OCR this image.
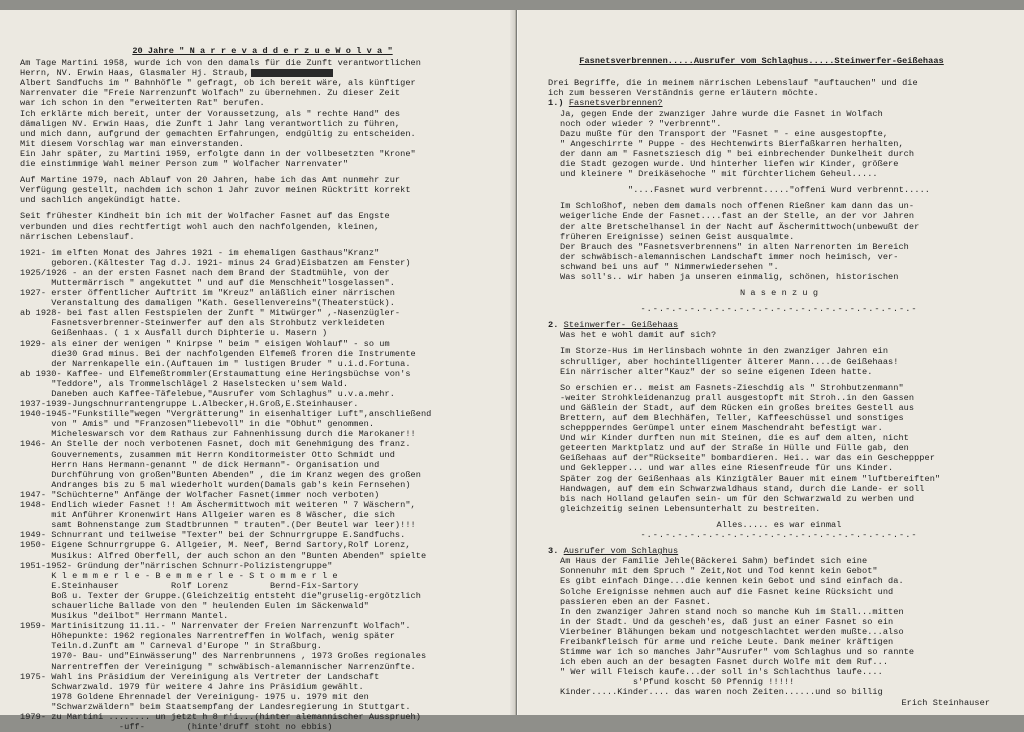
20 Jahre " N a r r e v a d d e r z u e W o l v a "
Am Tage Martini 1958, wurde ich von den damals für die Zunft verantwortlichen
Herrn, NV. Erwin Haas, Glasmaler Hj. Straub,
Albert Sandfuchs im " Bahnhöfle " gefragt, ob ich bereit wäre, als künftiger
Narrenvater die "Freie Narrenzunft Wolfach" zu übernehmen. Zu dieser Zeit
war ich schon in den "erweiterten Rat" berufen.
Ich erklärte mich bereit, unter der Voraussetzung, als " rechte Hand" des
dämaligen NV. Erwin Haas, die Zunft 1 Jahr lang verantwortlich zu führen,
und mich dann, aufgrund der gemachten Erfahrungen, endgültig zu entscheiden.
Mit diesem Vorschlag war man einverstanden.
Ein Jahr später, zu Martini 1959, erfolgte dann in der vollbesetzten "Krone"
die einstimmige Wahl meiner Person zum " Wolfacher Narrenvater"
Auf Martine 1979, nach Ablauf von 20 Jahren, habe ich das Amt nunmehr zur
Verfügung gestellt, nachdem ich schon 1 Jahr zuvor meinen Rücktritt korrekt
und sachlich angekündigt hatte.
Seit frühester Kindheit bin ich mit der Wolfacher Fasnet auf das Engste
verbunden und dies rechtfertigt wohl auch den nachfolgenden, kleinen,
närrischen Lebenslauf.
1921- im elften Monat des Jahres 1921 - im ehemaligen Gasthaus"Kranz"
geboren.(Kältester Tag d.J. 1921- minus 24 Grad)Eisbatzen am Fenster)
1925/1926 - an der ersten Fasnet nach dem Brand der Stadtmühle, von der
Muttermärrisch " angekuttet " und auf die Menschheit"losgelassen".
1927- erster öffentlicher Auftritt im "Kreuz" anläßlich einer närrischen
Veranstaltung des damaligen "Kath. Gesellenvereins"(Theaterstück).
ab 1928- bei fast allen Festspielen der Zunft " Mitwürger" ,-Nasenzügler-
Fasnetsverbrenner-Steinwerfer auf den als Strohbutz verkleideten
Geißenhaas. ( 1 x Ausfall durch Diphterie u. Masern )
1929- als einer der wenigen " Knirpse " beim " eisigen Wohlauf" - so um
die30 Grad minus. Bei der nachfolgenden Elfemeß froren die Instrumente
der Narrenkapelle ein.(Auftauen im " lustigen Bruder " u.i.d.Fortuna.
ab 1930- Kaffee- und Elfemeßtrommler(Erstaumattung eine Heringsbüchse von's
"Teddore", als Trommelschlägel 2 Haselstecken u'sem Wald.
Daneben auch Kaffee-Täfelebue,"Ausrufer vom Schlaghus" u.v.a.mehr.
1937-1939-Jungschnurrantengruppe L.Albecker,H.Groß,E.Steinhauser.
1940-1945-"Funkstille"wegen "Vergrätterung" in eisenhaltiger Luft",anschließend
von " Amis" und "Franzosen"liebevoll" in die "Obhut" genommen.
Micheleswarsch vor dem Rathaus zur Fahnenhissung durch die Marokaner!!
1946- An Stelle der noch verbotenen Fasnet, doch mit Genehmigung des franz.
Gouvernements, zusammen mit Herrn Konditormeister Otto Schmidt und
Herrn Hans Hermann-genannt " de dick Hermann"- Organisation und
Durchführung von großen"Bunten Abenden" , die im Kranz wegen des großen
Andranges bis zu 5 mal wiederholt wurden(Damals gab's kein Fernsehen)
1947- "Schüchterne" Anfänge der Wolfacher Fasnet(immer noch verboten)
1948- Endlich wieder Fasnet !! Am Äschermittwoch mit weiteren " 7 Wäschern",
mit Anführer Kronenwirt Hans Allgeier waren es 8 Wäscher, die sich
samt Bohnenstange zum Stadtbrunnen " trauten".(Der Beutel war leer)!!!
1949- Schnurrant und teilweise "Texter" bei der Schnurrgruppe E.Sandfuchs.
1950- Eigene Schnurrgruppe G. Allgeier, M. Neef, Bernd Sartory,Rolf Lorenz,
Musikus: Alfred Oberfell, der auch schon an den "Bunten Abenden" spielte
1951-1952- Gründung der"närrischen Schnurr-Polizistengruppe"
K l e m m e r l e - B e m m e r l e - S t o m m e r l e
E.Steinhauser          Rolf Lorenz        Bernd-Fix-Sartory
Boß u. Texter der Gruppe.(Gleichzeitig entsteht die"gruselig-ergötzlich
schauerliche Ballade von den " heulenden Eulen im Säckenwald"
Musikus "deilbot" Herrmann Mantel.
1959- Martinisitzung 11.11.- " Narrenvater der Freien Narrenzunft Wolfach".
Höhepunkte: 1962 regionales Narrentreffen in Wolfach, wenig später
Teiln.d.Zunft am " Carneval d'Europe " in Straßburg.
1970- Bau- und"Einwässerung" des Narrenbrunnens , 1973 Großes regionales
Narrentreffen der Vereinigung " schwäbisch-alemannischer Narrenzünfte.
1975- Wahl ins Präsidium der Vereinigung als Vertreter der Landschaft
Schwarzwald. 1979 für weitere 4 Jahre ins Präsidium gewählt.
1978 Goldene Ehrennadel der Vereinigung- 1975 u. 1979 mit den
"Schwarzwäldern" beim Staatsempfang der Landesregierung in Stuttgart.
1979- zu Martini ........ un jetzt h 8 r'i...(hinter alemannischer Aussprueh)
-uff-        (hinte'druff stoht no ebbis)

Fasnetsverbrennen.....Ausrufer vom Schlaghus.....Steinwerfer-Geißehaas

Drei Begriffe, die in meinem närrischen Lebenslauf "auftauchen" und die
ich zum besseren Verständnis gerne erläutern möchte.
1.) Fasnetsverbrennen?
Ja, gegen Ende der zwanziger Jahre wurde die Fasnet in Wolfach
noch oder wieder ? "verbrennt".
Dazu mußte für den Transport der "Fasnet " - eine ausgestopfte,
" Angeschirrte " Puppe - des Hechtenwirts Bierfaßkarren herhalten,
der dann am " Fasnetsziesch dig " bei einbrechender Dunkelheit durch
die Stadt gezogen wurde. Und hinterher liefen wir Kinder, größere
und kleinere " Dreikäsehoche " mit fürchterlichem Geheul.....
"....Fasnet wurd verbrennt....."offeni Wurd verbrennt.....
Im Schloßhof, neben dem damals noch offenen Rießner kam dann das un-
weigerliche Ende der Fasnet....fast an der Stelle, an der vor Jahren
der alte Bretschelhansel in der Nacht auf Äschermittwoch(unbewußt der
früheren Ereignisse) seinen Geist ausqualmte.
Der Brauch des "Fasnetsverbrennens" in alten Narrenorten im Bereich
der schwäbisch-alemannischen Landschaft immer noch heimisch, ver-
schwand bei uns auf " Nimmerwiedersehen ".
Was soll's.. wir haben ja unseren einmalig, schönen, historischen
N a s e n z u g
-.-.-.-.-.-.-.-.-.-.-.-.-.-.-.-.-.-.-.-.-.-.-
2. Steinwerfer- Geißehaas
Was het e wohl damit auf sich?
Im Storze-Hus im Herlinsbach wohnte in den zwanziger Jahren ein
schrulliger, aber hochintelligenter älterer Mann....de Geißehaas!
Ein närrischer alter"Kauz" der so seine eigenen Ideen hatte.
So erschien er.. meist am Fasnets-Zieschdig als " Strohbutzenmann"
-weiter Strohkleidenanzug prall ausgestopft mit Stroh..in den Gassen
und Gäßlein der Stadt, auf dem Rücken ein großes breites Gestell aus
Brettern, auf dem Blechhäfen, Teller, Kaffeeschüssel und sonstiges
scheppperndes Gerümpel unter einem Maschendraht befestigt war.
Und wir Kinder durften nun mit Steinen, die es auf dem alten, nicht
geteerten Marktplatz und auf der Straße in Hülle und Fülle gab, den
Geißehaas auf der"Rückseite" bombardieren. Hei.. war das ein Gescheppper
und Geklepper... und war alles eine Riesenfreude für uns Kinder.
Später zog der Geißenhaas als Kinzigtäler Bauer mit einem "luftbereiften"
Handwagen, auf dem ein Schwarzwaldhaus stand, durch die Lande- er soll
bis nach Holland gelaufen sein- um für den Schwarzwald zu werben und
gleichzeitig seinen Lebensunterhalt zu bestreiten.
Alles..... es war einmal
-.-.-.-.-.-.-.-.-.-.-.-.-.-.-.-.-.-.-.-.-.-.-
3. Ausrufer vom Schlaghus
Am Haus der Familie Jehle(Bäckerei Sahm) befindet sich eine
Sonnenuhr mit dem Spruch " Zeit,Not und Tod kennt kein Gebot"
Es gibt einfach Dinge...die kennen kein Gebot und sind einfach da.
Solche Ereignisse nehmen auch auf die Fasnet keine Rücksicht und
passieren eben an der Fasnet.
In den zwanziger Jahren stand noch so manche Kuh im Stall...mitten
in der Stadt. Und da gescheh'es, daß just an einer Fasnet so ein
Vierbeiner Blähungen bekam und notgeschlachtet werden mußte...also
Freibankfleisch für arme und reiche Leute. Dank meiner kräftigen
Stimme war ich so manches Jahr"Ausrufer" vom Schlaghus und so rannte
ich eben auch an der besagten Fasnet durch Wolfe mit dem Ruf...
" Wer will Fleisch kaufe...der soll in's Schlachthus laufe....
s'Pfund koscht 50 Pfennig !!!!!
Kinder.....Kinder.... das waren noch Zeiten......und so billig
Erich Steinhauser
